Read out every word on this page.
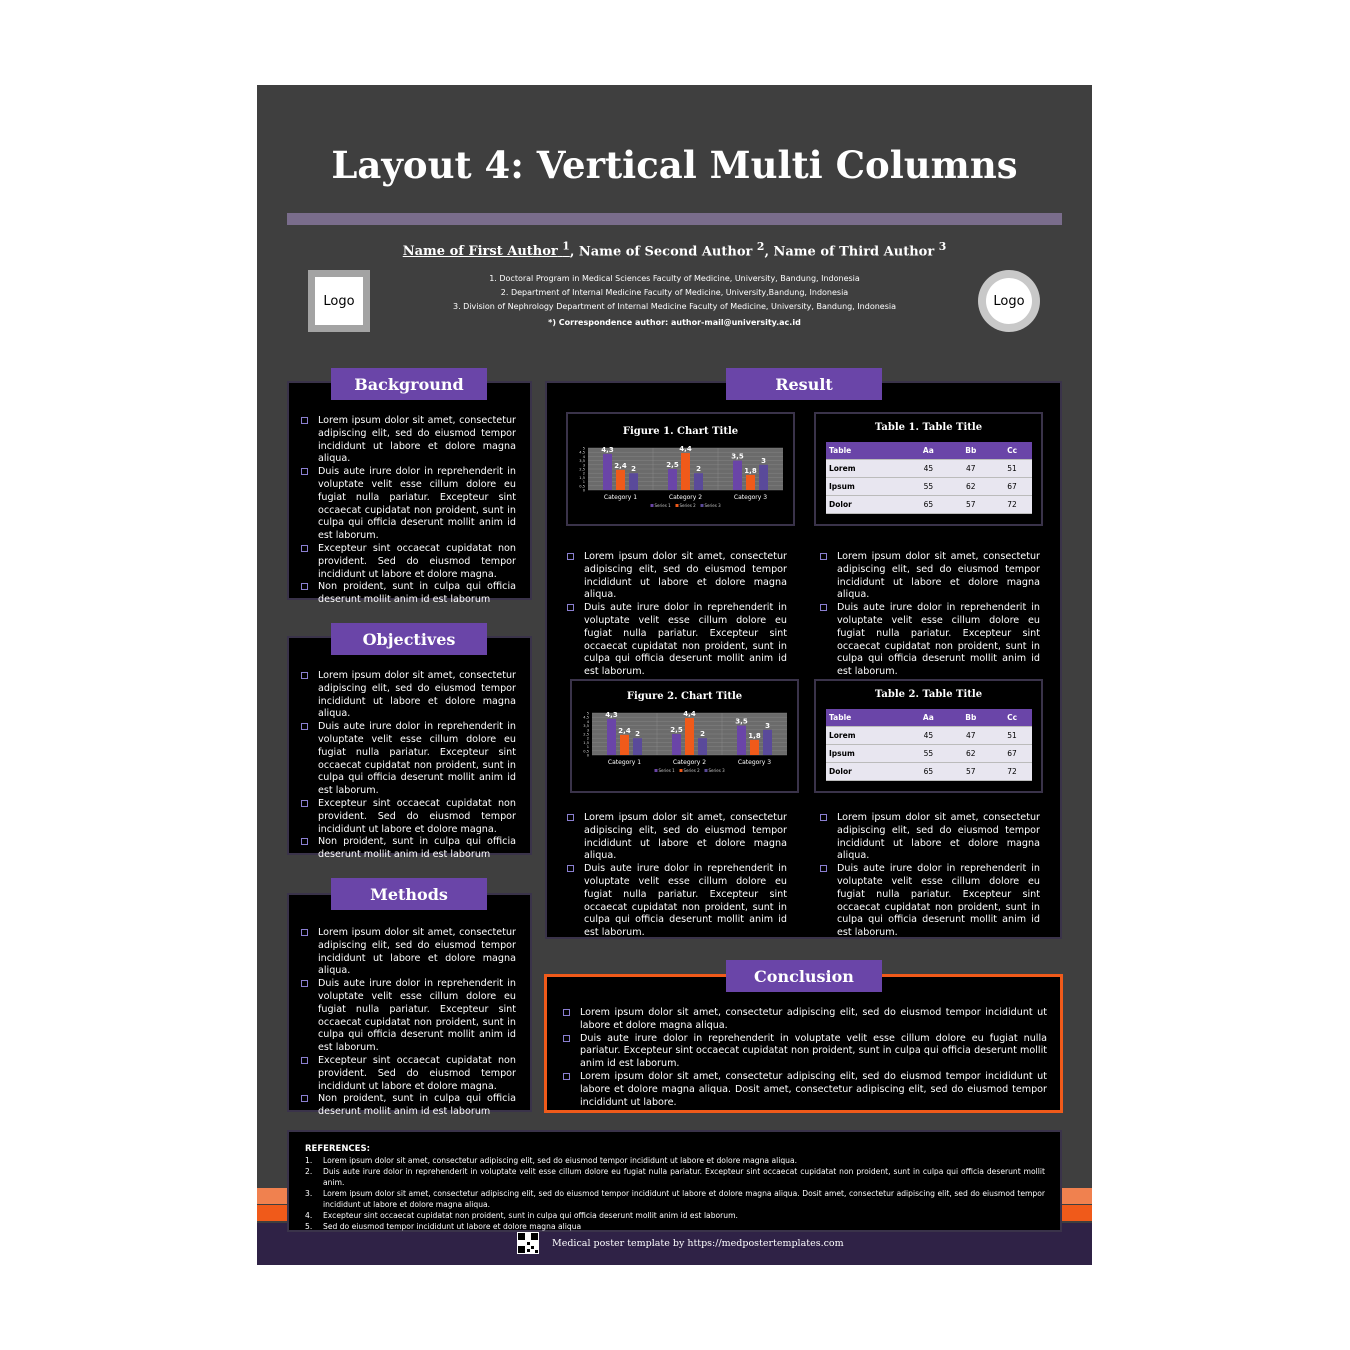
Layout 4: Vertical Multi Columns
Name of First Author $^1$, Name of Second Author $^2$, Name of Third Author $^3$
1. Doctoral Program in Medical Sciences Faculty of Medicine, University, Bandung, Indonesia
2. Department of Internal Medicine Faculty of Medicine, University,Bandung, Indonesia
3. Division of Nephrology Department of Internal Medicine Faculty of Medicine, University, Bandung, Indonesia
*) Correspondence author: author-mail@university.ac.id
Logo	Logo
Lorem ipsum dolor sit amet, consectetur adipiscing elit, sed do eiusmod tempor incididunt ut labore et dolore magna aliqua.
Duis aute irure dolor in reprehenderit in voluptate velit esse cillum dolore eu fugiat nulla pariatur. Excepteur sint occaecat cupidatat non proident, sunt in culpa qui officia deserunt mollit anim id est laborum.
Excepteur sint occaecat cupidatat non provident. Sed do eiusmod tempor incididunt ut labore et dolore magna.
Non proident, sunt in culpa qui officia deserunt mollit anim id est laborum
Background
Lorem ipsum dolor sit amet, consectetur adipiscing elit, sed do eiusmod tempor incididunt ut labore et dolore magna aliqua.
Duis aute irure dolor in reprehenderit in voluptate velit esse cillum dolore eu fugiat nulla pariatur. Excepteur sint occaecat cupidatat non proident, sunt in culpa qui officia deserunt mollit anim id est laborum.
Excepteur sint occaecat cupidatat non provident. Sed do eiusmod tempor incididunt ut labore et dolore magna.
Non proident, sunt in culpa qui officia deserunt mollit anim id est laborum
Objectives
Lorem ipsum dolor sit amet, consectetur adipiscing elit, sed do eiusmod tempor incididunt ut labore et dolore magna aliqua.
Duis aute irure dolor in reprehenderit in voluptate velit esse cillum dolore eu fugiat nulla pariatur. Excepteur sint occaecat cupidatat non proident, sunt in culpa qui officia deserunt mollit anim id est laborum.
Excepteur sint occaecat cupidatat non provident. Sed do eiusmod tempor incididunt ut labore et dolore magna.
Non proident, sunt in culpa qui officia deserunt mollit anim id est laborum
Methods
Figure 1. Chart Title
0
0,5
1
1,5
2
2,5
3
3,5
4
4,5
5 4,3
2,4 2
Category 1
2,5
4,4
2
Category 2
3,5
1,8
3
Category 3
Series 1 Series 2 Series 3
Table 1. Table Title
Table	Aa	Bb	Cc
Lorem	45	47	51
Ipsum	55	62	67
Dolor	65	57	72
Lorem ipsum dolor sit amet, consectetur adipiscing elit, sed do eiusmod tempor incididunt ut labore et dolore magna aliqua.
Duis aute irure dolor in reprehenderit in voluptate velit esse cillum dolore eu fugiat nulla pariatur. Excepteur sint occaecat cupidatat non proident, sunt in culpa qui officia deserunt mollit anim id est laborum.
Lorem ipsum dolor sit amet, consectetur adipiscing elit, sed do eiusmod tempor incididunt ut labore et dolore magna aliqua.
Duis aute irure dolor in reprehenderit in voluptate velit esse cillum dolore eu fugiat nulla pariatur. Excepteur sint occaecat cupidatat non proident, sunt in culpa qui officia deserunt mollit anim id est laborum.
Figure 2. Chart Title
0
0,5
1
1,5
2
2,5
3
3,5
4
4,5
5 4,3
2,4 2
Category 1
2,5
4,4
2
Category 2
3,5
1,8
3
Category 3
Series 1 Series 2 Series 3
Table 2. Table Title
Table	Aa	Bb	Cc
Lorem	45	47	51
Ipsum	55	62	67
Dolor	65	57	72
Lorem ipsum dolor sit amet, consectetur adipiscing elit, sed do eiusmod tempor incididunt ut labore et dolore magna aliqua.
Duis aute irure dolor in reprehenderit in voluptate velit esse cillum dolore eu fugiat nulla pariatur. Excepteur sint occaecat cupidatat non proident, sunt in culpa qui officia deserunt mollit anim id est laborum.
Lorem ipsum dolor sit amet, consectetur adipiscing elit, sed do eiusmod tempor incididunt ut labore et dolore magna aliqua.
Duis aute irure dolor in reprehenderit in voluptate velit esse cillum dolore eu fugiat nulla pariatur. Excepteur sint occaecat cupidatat non proident, sunt in culpa qui officia deserunt mollit anim id est laborum.
Result
Lorem ipsum dolor sit amet, consectetur adipiscing elit, sed do eiusmod tempor incididunt ut labore et dolore magna aliqua.
Duis aute irure dolor in reprehenderit in voluptate velit esse cillum dolore eu fugiat nulla pariatur. Excepteur sint occaecat cupidatat non proident, sunt in culpa qui officia deserunt mollit anim id est laborum.
Lorem ipsum dolor sit amet, consectetur adipiscing elit, sed do eiusmod tempor incididunt ut labore et dolore magna aliqua. Dosit amet, consectetur adipiscing elit, sed do eiusmod tempor incididunt ut labore.
Conclusion
Medical poster template by https://medpostertemplates.com
REFERENCES:
1. Lorem ipsum dolor sit amet, consectetur adipiscing elit, sed do eiusmod tempor incididunt ut labore et dolore magna aliqua.
2. Duis aute irure dolor in reprehenderit in voluptate velit esse cillum dolore eu fugiat nulla pariatur. Excepteur sint occaecat cupidatat non proident, sunt in culpa qui officia deserunt mollit anim.
3. Lorem ipsum dolor sit amet, consectetur adipiscing elit, sed do eiusmod tempor incididunt ut labore et dolore magna aliqua. Dosit amet, consectetur adipiscing elit, sed do eiusmod tempor incididunt ut labore et dolore magna aliqua.
4. Excepteur sint occaecat cupidatat non proident, sunt in culpa qui officia deserunt mollit anim id est laborum.
5. Sed do eiusmod tempor incididunt ut labore et dolore magna aliqua
